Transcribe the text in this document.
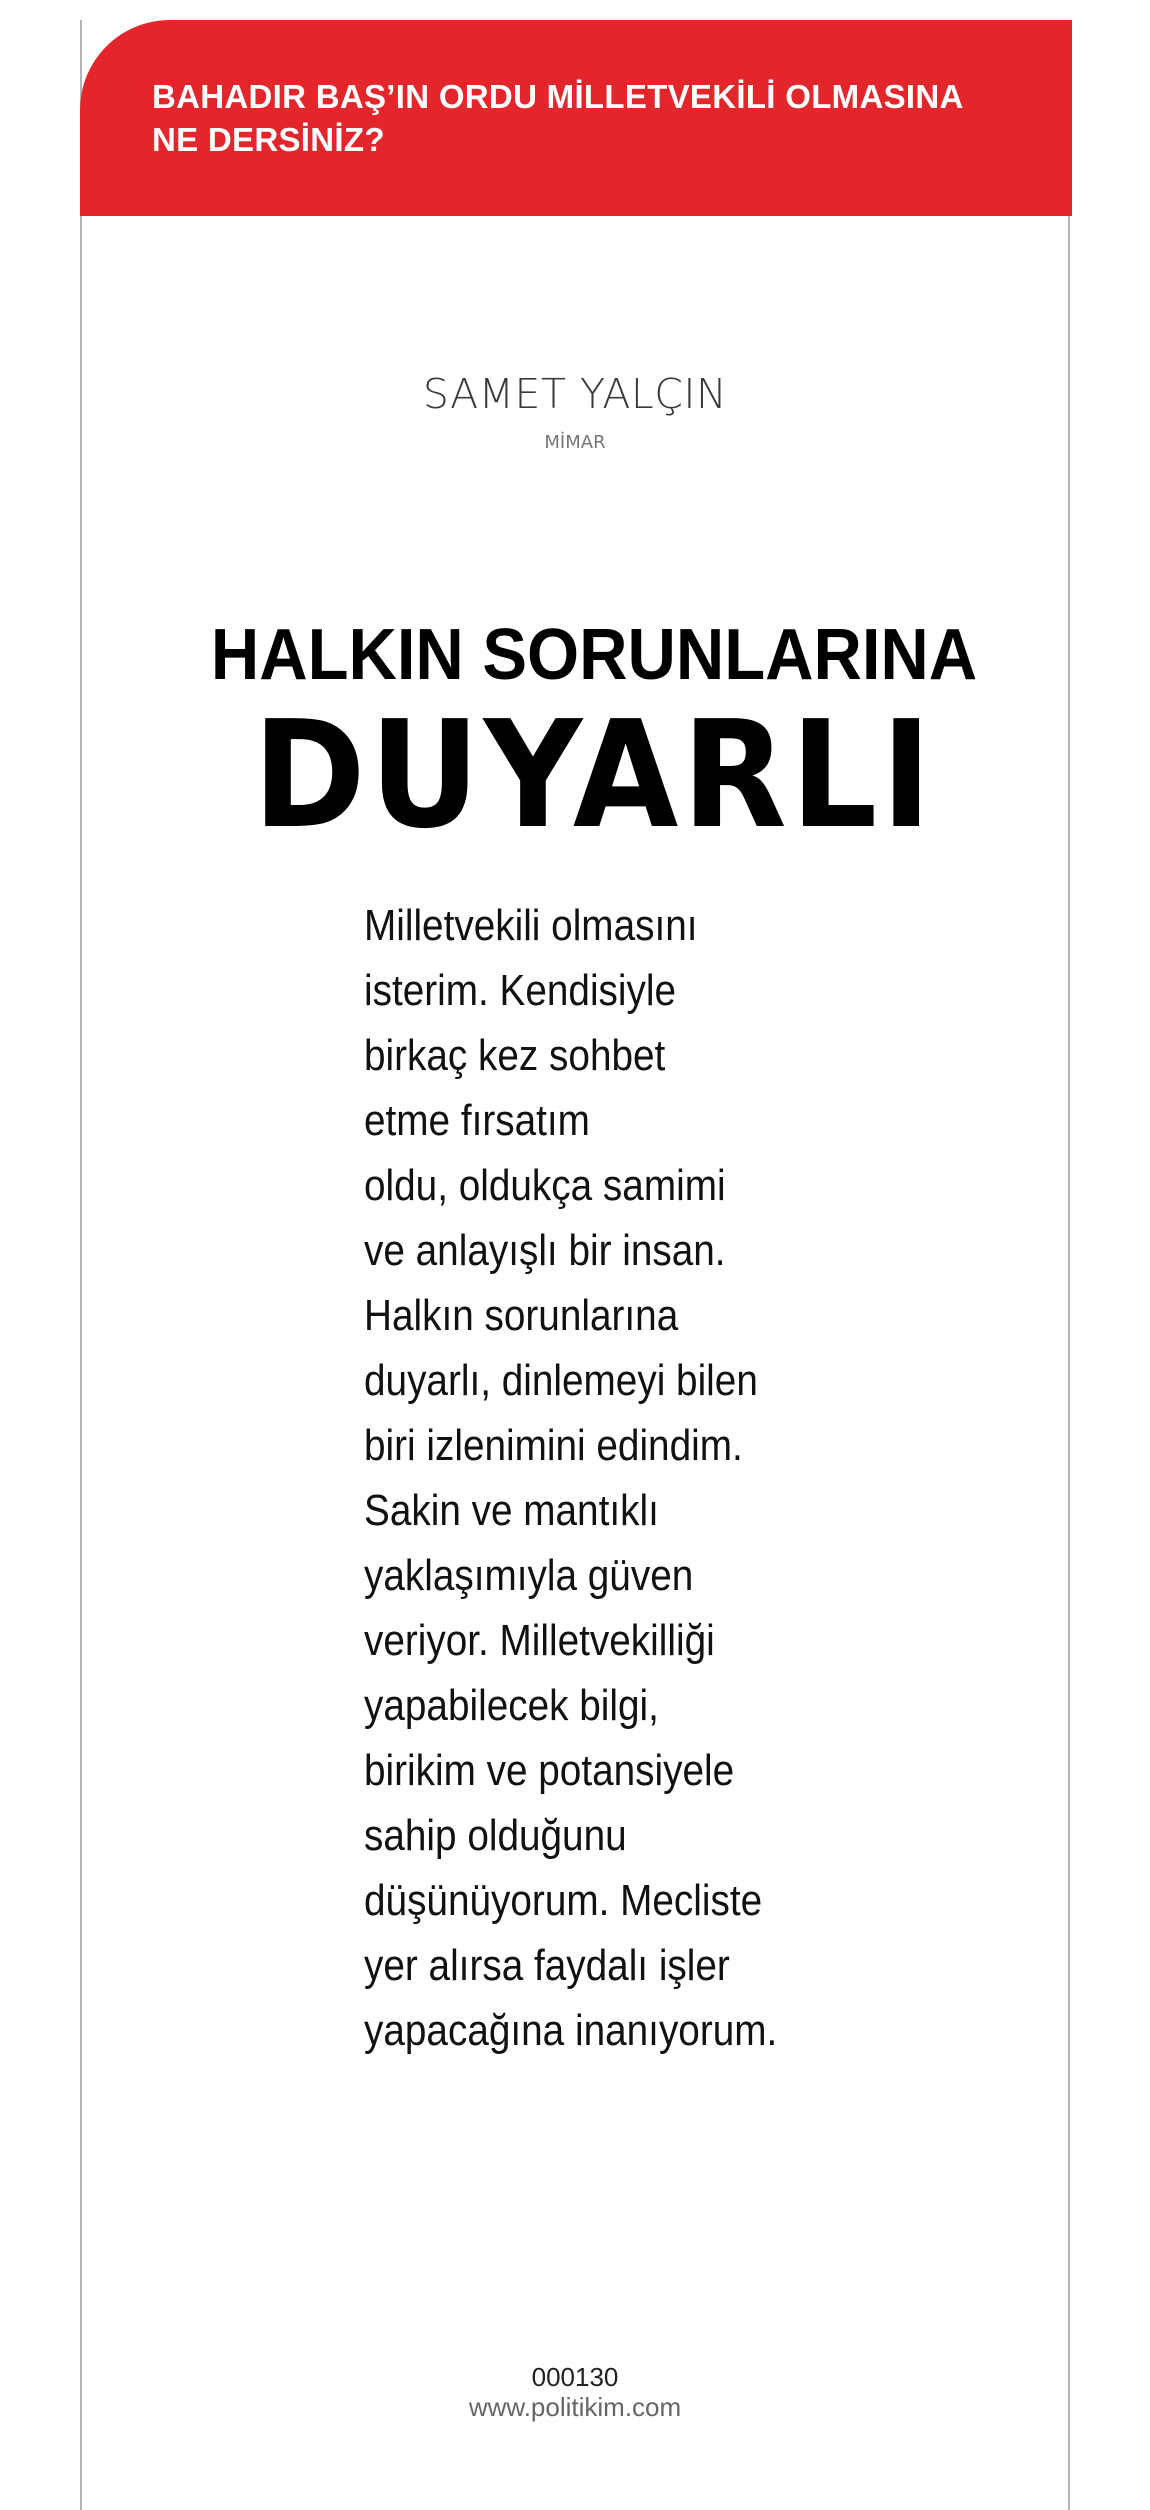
BAHADIR BAŞ’IN ORDU MİLLETVEKİLİ OLMASINA
NE DERSİNİZ?

SAMET YALÇIN
MİMAR
HALKIN SORUNLARINA
DUYARLI
Milletvekili olmasını
isterim. Kendisiyle
birkaç kez sohbet
etme fırsatım
oldu, oldukça samimi
ve anlayışlı bir insan.
Halkın sorunlarına
duyarlı, dinlemeyi bilen
biri izlenimini edindim.
Sakin ve mantıklı
yaklaşımıyla güven
veriyor. Milletvekilliği
yapabilecek bilgi,
birikim ve potansiyele
sahip olduğunu
düşünüyorum. Mecliste
yer alırsa faydalı işler
yapacağına inanıyorum.
000130
www.politikim.com
